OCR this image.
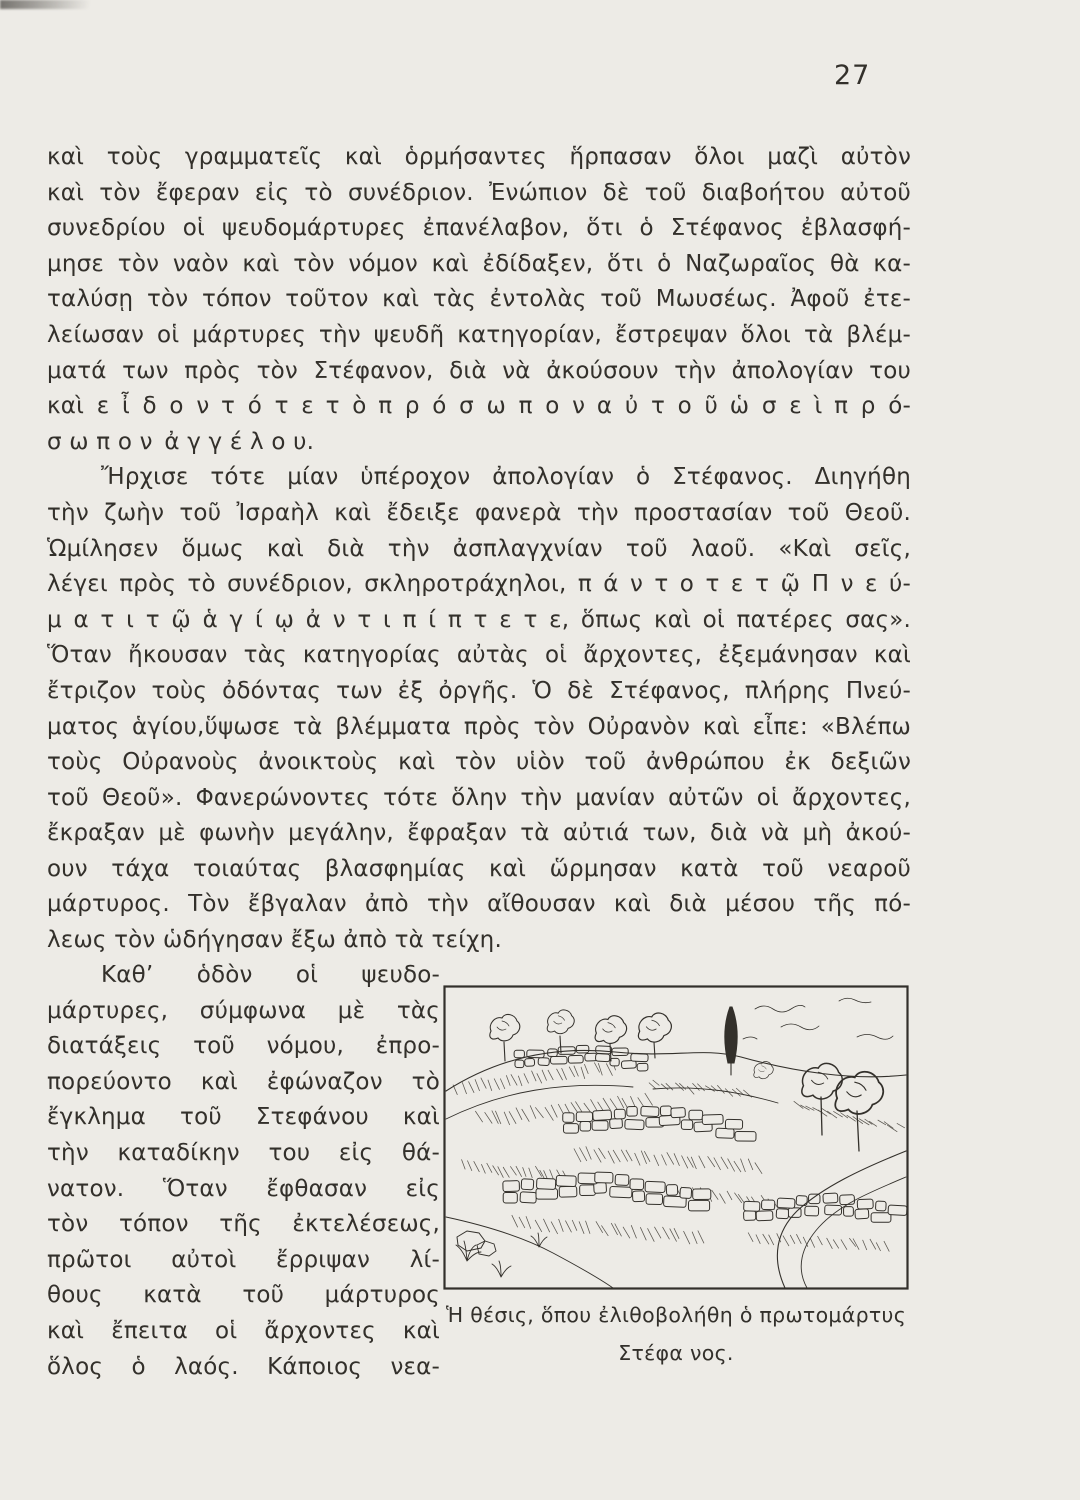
27
καὶ τοὺς γραμματεῖς καὶ ὁρμήσαντες ἥρπασαν ὅλοι μαζὶ αὐτὸν
καὶ τὸν ἔφεραν εἰς τὸ συνέδριον. Ἐνώπιον δὲ τοῦ διαβοήτου αὐτοῦ
συνεδρίου οἱ ψευδομάρτυρες ἐπανέλαβον, ὅτι ὁ Στέφανος ἐβλασφή-
μησε τὸν ναὸν καὶ τὸν νόμον καὶ ἐδίδαξεν, ὅτι ὁ Ναζωραῖος θὰ κα-
ταλύσῃ τὸν τόπον τοῦτον καὶ τὰς ἐντολὰς τοῦ Μωυσέως. Ἀφοῦ ἐτε-
λείωσαν οἱ μάρτυρες τὴν ψευδῆ κατηγορίαν, ἔστρεψαν ὅλοι τὰ βλέμ-
ματά των πρὸς τὸν Στέφανον, διὰ νὰ ἀκούσουν τὴν ἀπολογίαν του
καὶ ε ἶ δ ο ν τ ό τ ε τ ὸ π ρ ό σ ω π ο ν α ὐ τ ο ῦ ὡ σ ε ὶ π ρ ό-
σ ω π ο ν ἀ γ γ έ λ ο υ.
Ἤρχισε τότε μίαν ὑπέροχον ἀπολογίαν ὁ Στέφανος. Διηγήθη
τὴν ζωὴν τοῦ Ἰσραὴλ καὶ ἔδειξε φανερὰ τὴν προστασίαν τοῦ Θεοῦ.
Ὡμίλησεν ὅμως καὶ διὰ τὴν ἀσπλαγχνίαν τοῦ λαοῦ. «Καὶ σεῖς,
λέγει πρὸς τὸ συνέδριον, σκληροτράχηλοι, π ά ν τ ο τ ε τ ῷ Π ν ε ύ-
μ α τ ι τ ῷ ἁ γ ί ῳ ἀ ν τ ι π ί π τ ε τ ε, ὅπως καὶ οἱ πατέρες σας».
Ὅταν ἤκουσαν τὰς κατηγορίας αὐτὰς οἱ ἄρχοντες, ἐξεμάνησαν καὶ
ἔτριζον τοὺς ὀδόντας των ἐξ ὀργῆς. Ὁ δὲ Στέφανος, πλήρης Πνεύ-
ματος ἁγίου,ὕψωσε τὰ βλέμματα πρὸς τὸν Οὐρανὸν καὶ εἶπε: «Βλέπω
τοὺς Οὐρανοὺς ἀνοικτοὺς καὶ τὸν υἱὸν τοῦ ἀνθρώπου ἐκ δεξιῶν
τοῦ Θεοῦ». Φανερώνοντες τότε ὅλην τὴν μανίαν αὐτῶν οἱ ἄρχοντες,
ἔκραξαν μὲ φωνὴν μεγάλην, ἔφραξαν τὰ αὐτιά των, διὰ νὰ μὴ ἀκού-
ουν τάχα τοιαύτας βλασφημίας καὶ ὥρμησαν κατὰ τοῦ νεαροῦ
μάρτυρος. Τὸν ἔβγαλαν ἀπὸ τὴν αἴθουσαν καὶ διὰ μέσου τῆς πό-
λεως τὸν ὡδήγησαν ἔξω ἀπὸ τὰ τείχη.
Καθ’ ὁδὸν οἱ ψευδο-
μάρτυρες, σύμφωνα μὲ τὰς
διατάξεις τοῦ νόμου, ἐπρο-
πορεύοντο καὶ ἐφώναζον τὸ
ἔγκλημα τοῦ Στεφάνου καὶ
τὴν καταδίκην του εἰς θά-
νατον. Ὅταν ἔφθασαν εἰς
τὸν τόπον τῆς ἐκτελέσεως,
πρῶτοι αὐτοὶ ἔρριψαν λί-
θους κατὰ τοῦ μάρτυρος
καὶ ἔπειτα οἱ ἄρχοντες καὶ
ὅλος ὁ λαός. Κάποιος νεα-
Ἡ θέσις, ὅπου ἐλιθοβολήθη ὁ πρωτομάρτυς
Στέφα νος.
